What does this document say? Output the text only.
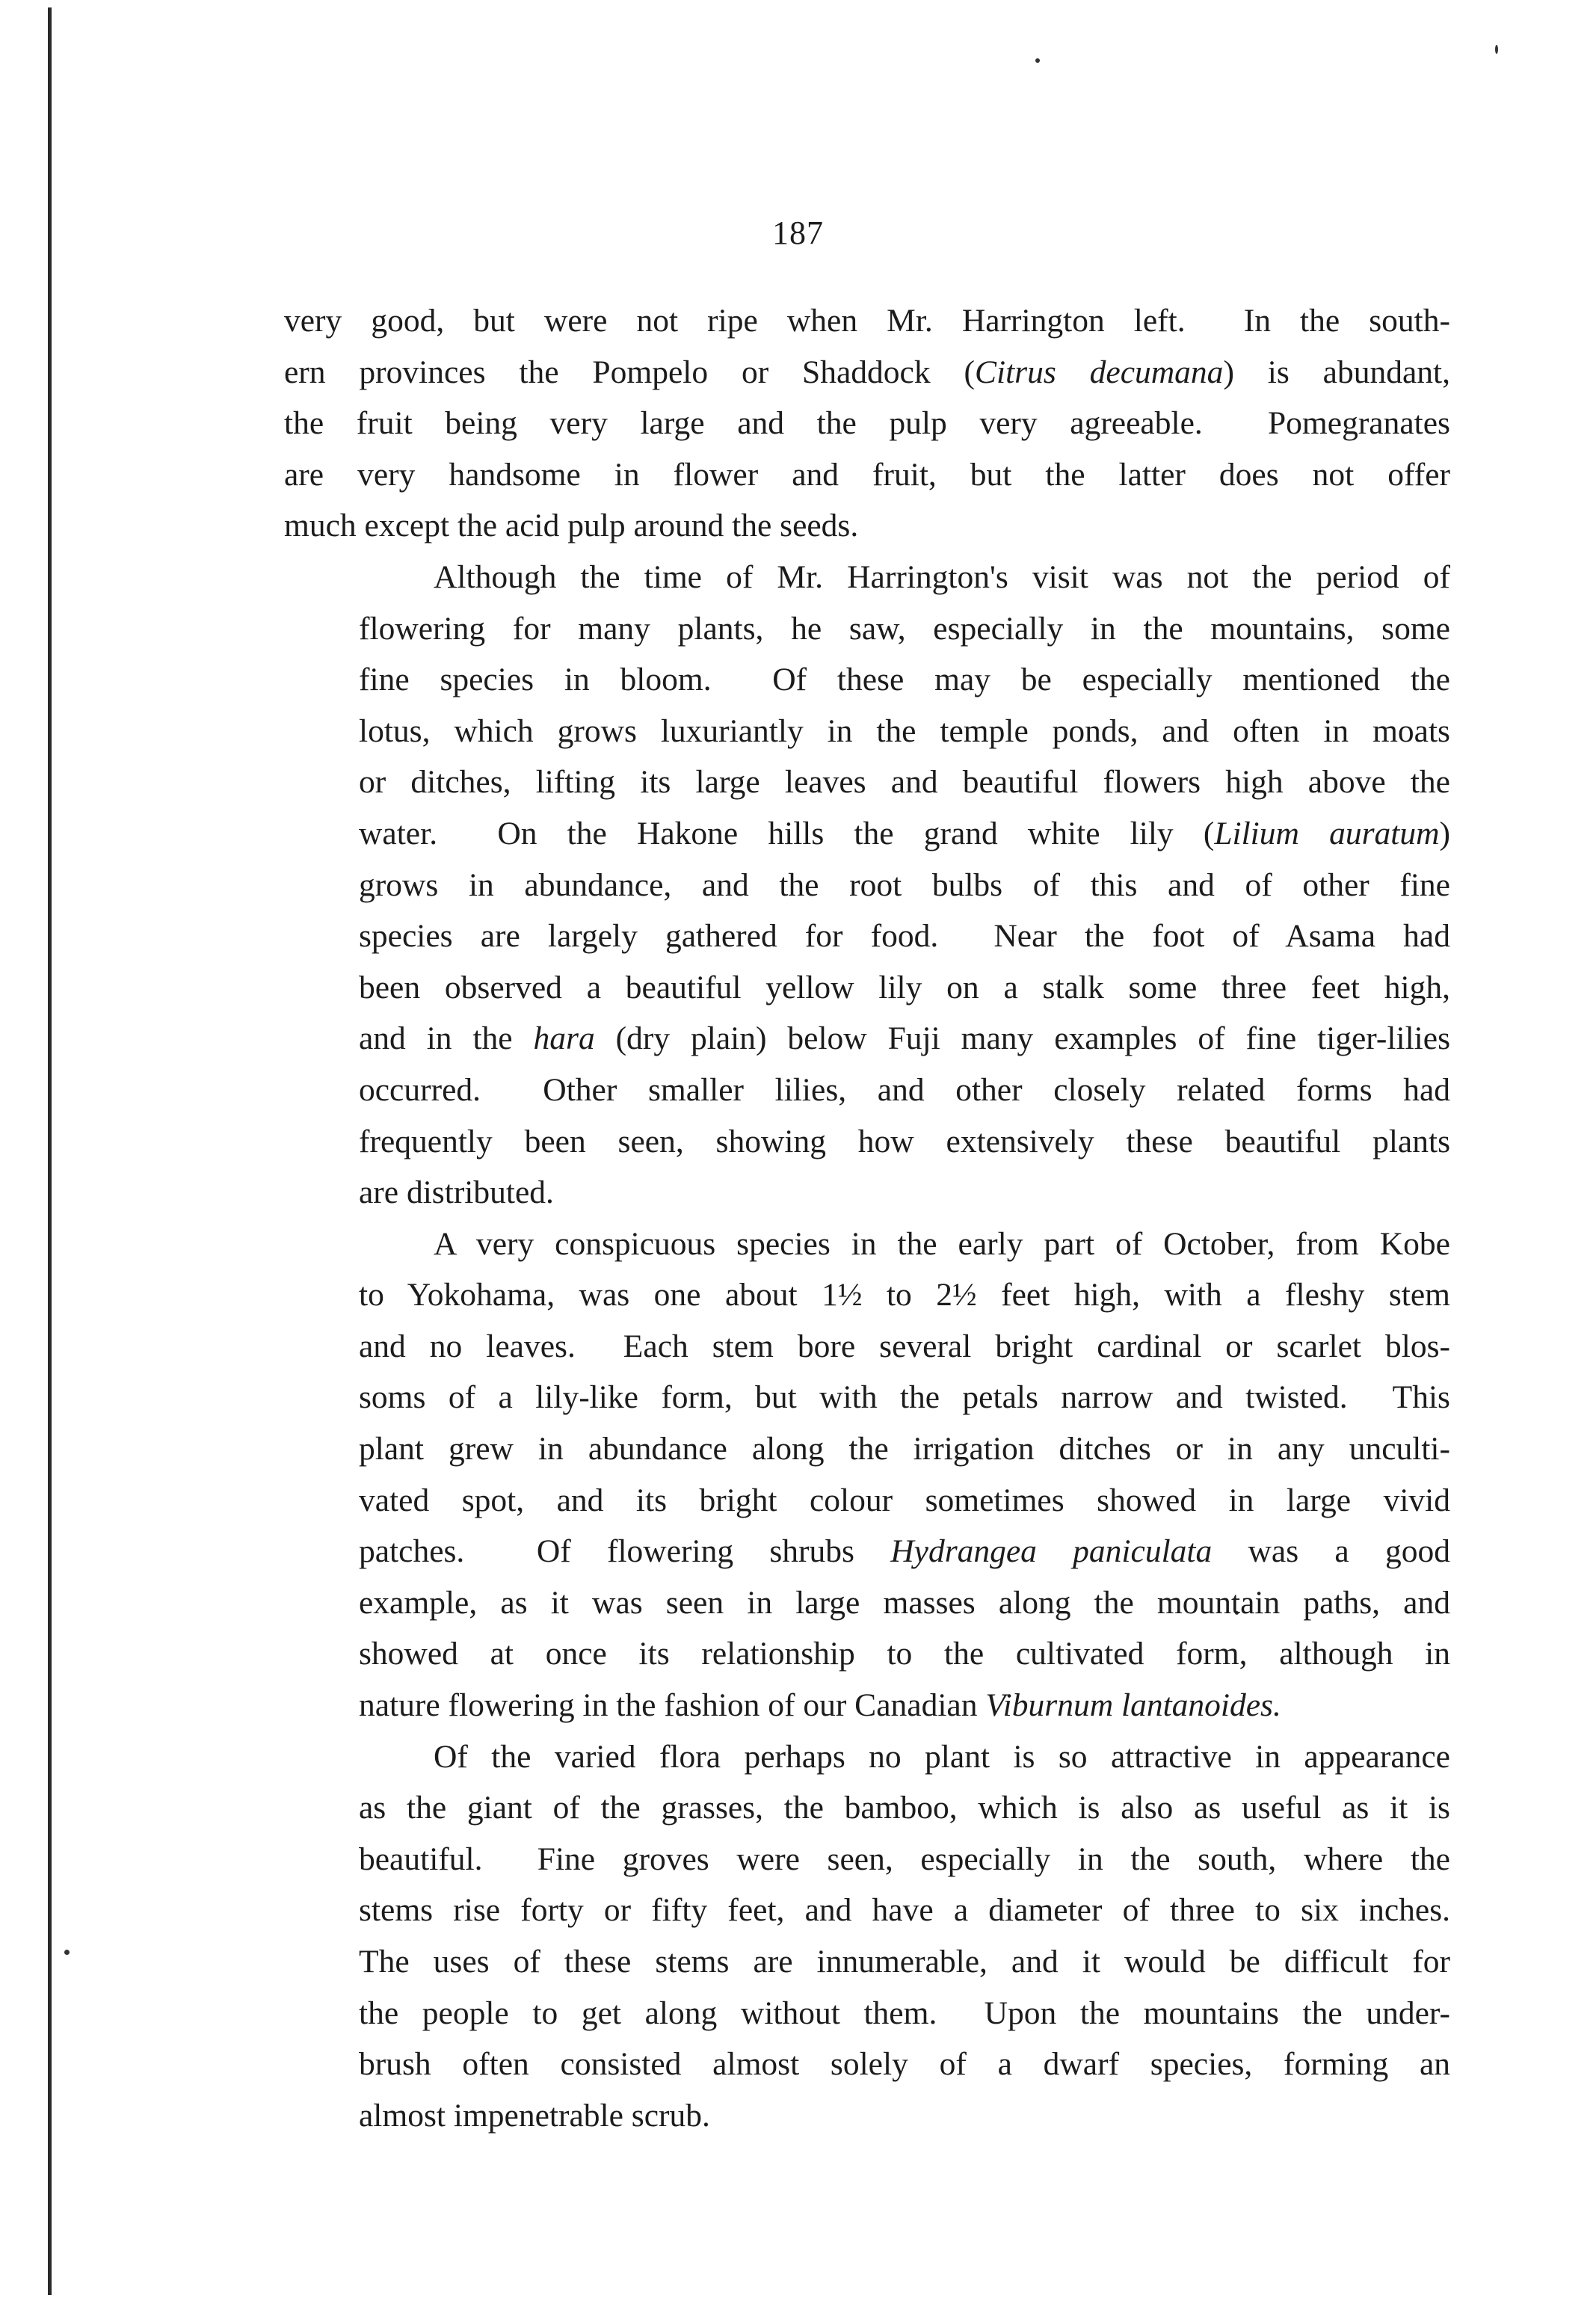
187
very good, but were not ripe when Mr. Harrington left.  In the south-
ern provinces the Pompelo or Shaddock (Citrus decumana) is abundant,
the fruit being very large and the pulp very agreeable.  Pomegranates
are very handsome in flower and fruit, but the latter does not offer
much except the acid pulp around the seeds.
Although the time of Mr. Harrington's visit was not the period of
flowering for many plants, he saw, especially in the mountains, some
fine species in bloom.  Of these may be especially mentioned the
lotus, which grows luxuriantly in the temple ponds, and often in moats
or ditches, lifting its large leaves and beautiful flowers high above the
water.  On the Hakone hills the grand white lily (Lilium auratum)
grows in abundance, and the root bulbs of this and of other fine
species are largely gathered for food.  Near the foot of Asama had
been observed a beautiful yellow lily on a stalk some three feet high,
and in the hara (dry plain) below Fuji many examples of fine tiger-lilies
occurred.  Other smaller lilies, and other closely related forms had
frequently been seen, showing how extensively these beautiful plants
are distributed.
A very conspicuous species in the early part of October, from Kobe
to Yokohama, was one about 1½ to 2½ feet high, with a fleshy stem
and no leaves.  Each stem bore several bright cardinal or scarlet blos-
soms of a lily-like form, but with the petals narrow and twisted.  This
plant grew in abundance along the irrigation ditches or in any unculti-
vated spot, and its bright colour sometimes showed in large vivid
patches.  Of flowering shrubs Hydrangea paniculata was a good
example, as it was seen in large masses along the mountain paths, and
showed at once its relationship to the cultivated form, although in
nature flowering in the fashion of our Canadian Viburnum lantanoides.
Of the varied flora perhaps no plant is so attractive in appearance
as the giant of the grasses, the bamboo, which is also as useful as it is
beautiful.  Fine groves were seen, especially in the south, where the
stems rise forty or fifty feet, and have a diameter of three to six inches.
The uses of these stems are innumerable, and it would be difficult for
the people to get along without them.  Upon the mountains the under-
brush often consisted almost solely of a dwarf species, forming an
almost impenetrable scrub.
